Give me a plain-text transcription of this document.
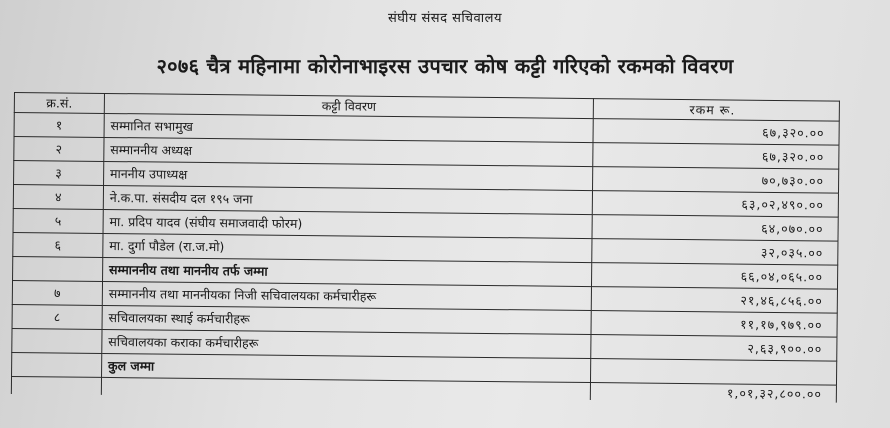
संघीय संसद सचिवालय
२०७६ चैत्र महिनामा कोरोनाभाइरस उपचार कोष कट्टी गरिएको रकमको विवरण
क्र.सं.	कट्टी विवरण	रकम रू.
१	सम्मानित सभामुख	६७,३२०.००
२	सम्माननीय अध्यक्ष	६७,३२०.००
३	माननीय उपाध्यक्ष	७०,७३०.००
४	ने.क.पा. संसदीय दल १९५ जना	६३,०२,४९०.००
५	मा. प्रदिप यादव (संघीय समाजवादी फोरम)	६४,०७०.००
६	मा. दुर्गा पौडेल (रा.ज.मो)	३२,०३५.००
	सम्माननीय तथा माननीय तर्फ जम्मा	६६,०४,०६५.००
७	सम्माननीय तथा माननीयका निजी सचिवालयका कर्मचारीहरू	२१,४६,८५६.००
८	सचिवालयका स्थाई कर्मचारीहरू	११,१७,९७९.००
	सचिवालयका कराका कर्मचारीहरू	२,६३,९००.००
	कुल जम्मा	
		१,०१,३२,८००.००
